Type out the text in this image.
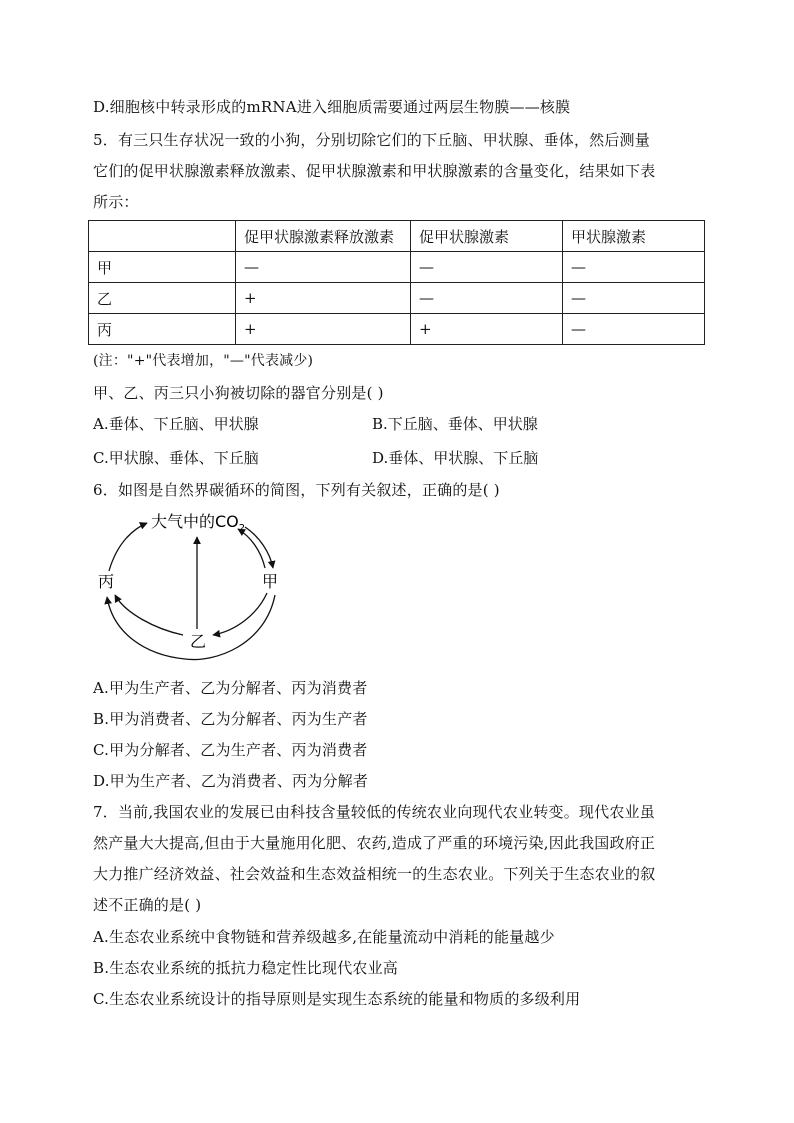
D.细胞核中转录形成的mRNA进入细胞质需要通过两层生物膜——核膜
5．有三只生存状况一致的小狗，分别切除它们的下丘脑、甲状腺、垂体，然后测量
它们的促甲状腺激素释放激素、促甲状腺激素和甲状腺激素的含量变化，结果如下表
所示：
	促甲状腺激素释放激素	促甲状腺激素	甲状腺激素
甲	—	—	—
乙	+	—	—
丙	+	+	—
(注："+"代表增加，"—"代表减少)
甲、乙、丙三只小狗被切除的器官分别是( )
A.垂体、下丘脑、甲状腺	B.下丘脑、垂体、甲状腺
C.甲状腺、垂体、下丘脑	D.垂体、甲状腺、下丘脑
6．如图是自然界碳循环的简图，下列有关叙述，正确的是( )
大气中的$CO_2$
丙	甲
乙
A.甲为生产者、乙为分解者、丙为消费者
B.甲为消费者、乙为分解者、丙为生产者
C.甲为分解者、乙为生产者、丙为消费者
D.甲为生产者、乙为消费者、丙为分解者
7．当前,我国农业的发展已由科技含量较低的传统农业向现代农业转变。现代农业虽
然产量大大提高,但由于大量施用化肥、农药,造成了严重的环境污染,因此我国政府正
大力推广经济效益、社会效益和生态效益相统一的生态农业。下列关于生态农业的叙
述不正确的是( )
A.生态农业系统中食物链和营养级越多,在能量流动中消耗的能量越少
B.生态农业系统的抵抗力稳定性比现代农业高
C.生态农业系统设计的指导原则是实现生态系统的能量和物质的多级利用
